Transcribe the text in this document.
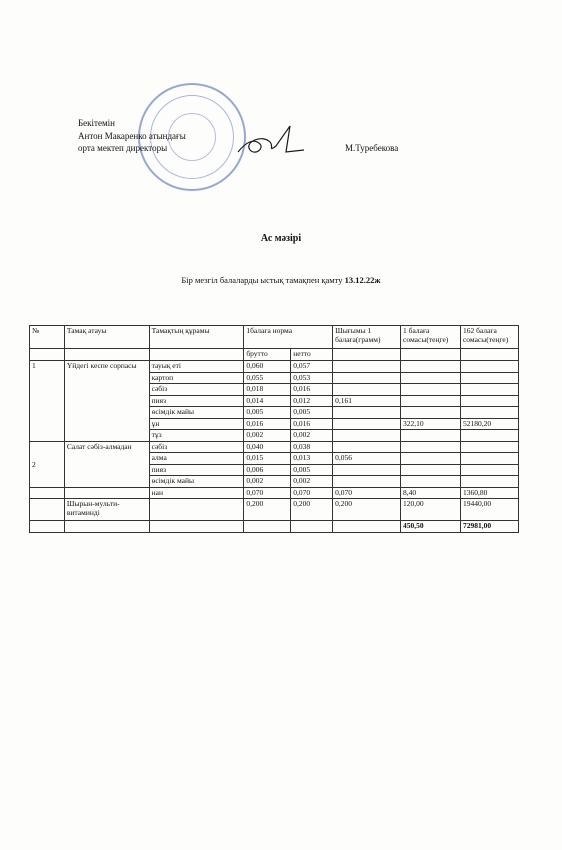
Бекітемін
Антон Макаренко атындағы
орта мектеп директоры	М.Туребекова
Ас мәзірі
Бір мезгіл балаларды ыстық тамақпен қамту 13.12.22ж
№	Тамақ атауы	Тамақтың құрамы	1балаға норма		Шығымы 1 балаға(грамм)	1 балаға сомасы(теңге)	162 балаға сомасы(теңге)
			брутто	нетто			
1	Үйдегі кеспе сорпасы	тауық еті	0,060	0,057			
		картоп	0,055	0,053			
		сәбіз	0,018	0,016			
		пияз	0,014	0,012	0,161		
		өсімдік майы	0,005	0,005			
		ұн	0,016	0,016		322,10	52180,20
		тұз	0,002	0,002			
2	Салат сәбіз-алмадан	сәбіз	0,040	0,038			
		алма	0,015	0,013	0,056		
		пияз	0,006	0,005			
		өсімдік майы	0,002	0,002			
		нан	0,070	0,070	0,070	8,40	1360,80
	Шырын-мульти-витаминді		0,200	0,200	0,200	120,00	19440,00
						450,50	72981,00
